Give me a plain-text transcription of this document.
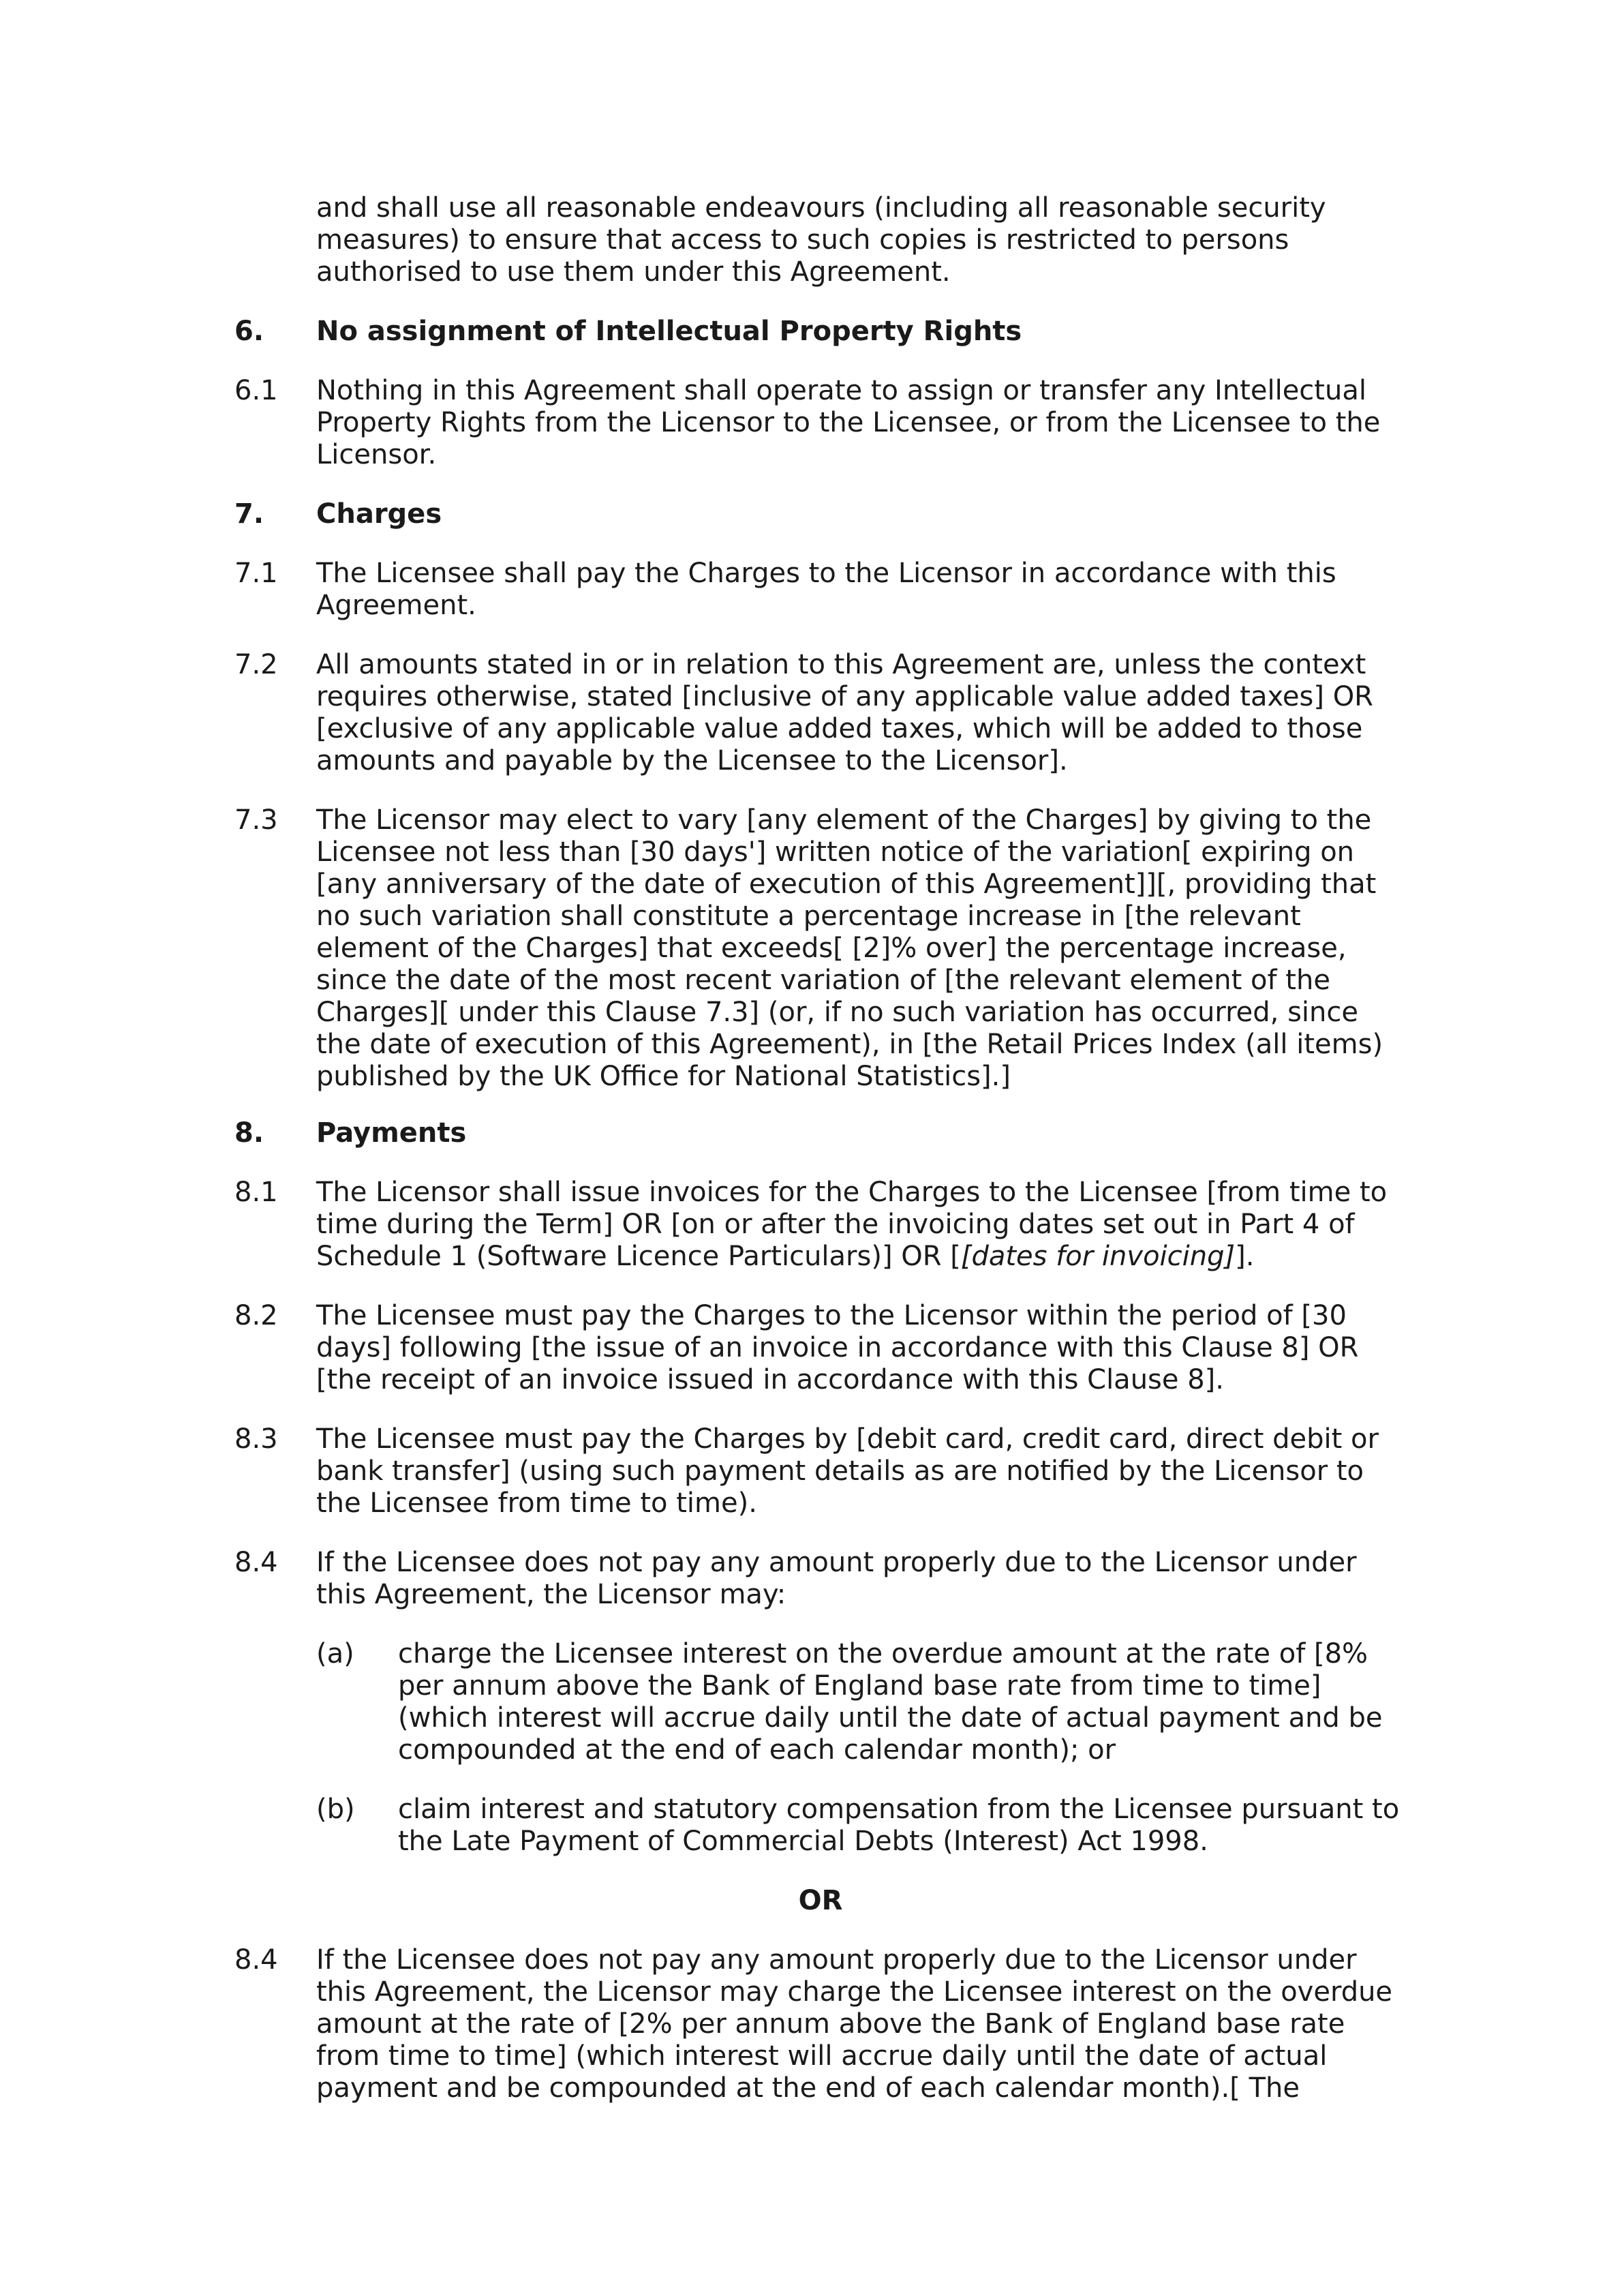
and shall use all reasonable endeavours (including all reasonable security measures) to ensure that access to such copies is restricted to persons authorised to use them under this Agreement.
6. No assignment of Intellectual Property Rights
6.1 Nothing in this Agreement shall operate to assign or transfer any Intellectual Property Rights from the Licensor to the Licensee, or from the Licensee to the Licensor.
7. Charges
7.1 The Licensee shall pay the Charges to the Licensor in accordance with this Agreement.
7.2 All amounts stated in or in relation to this Agreement are, unless the context requires otherwise, stated [inclusive of any applicable value added taxes] OR [exclusive of any applicable value added taxes, which will be added to those amounts and payable by the Licensee to the Licensor].
7.3 The Licensor may elect to vary [any element of the Charges] by giving to the Licensee not less than [30 days'] written notice of the variation[ expiring on [any anniversary of the date of execution of this Agreement]][, providing that no such variation shall constitute a percentage increase in [the relevant element of the Charges] that exceeds[ [2]% over] the percentage increase, since the date of the most recent variation of [the relevant element of the Charges][ under this Clause 7.3] (or, if no such variation has occurred, since the date of execution of this Agreement), in [the Retail Prices Index (all items) published by the UK Office for National Statistics].]
8. Payments
8.1 The Licensor shall issue invoices for the Charges to the Licensee [from time to time during the Term] OR [on or after the invoicing dates set out in Part 4 of Schedule 1 (Software Licence Particulars)] OR [[dates for invoicing]].
8.2 The Licensee must pay the Charges to the Licensor within the period of [30 days] following [the issue of an invoice in accordance with this Clause 8] OR [the receipt of an invoice issued in accordance with this Clause 8].
8.3 The Licensee must pay the Charges by [debit card, credit card, direct debit or bank transfer] (using such payment details as are notified by the Licensor to the Licensee from time to time).
8.4 If the Licensee does not pay any amount properly due to the Licensor under this Agreement, the Licensor may:
(a) charge the Licensee interest on the overdue amount at the rate of [8% per annum above the Bank of England base rate from time to time] (which interest will accrue daily until the date of actual payment and be compounded at the end of each calendar month); or
(b) claim interest and statutory compensation from the Licensee pursuant to the Late Payment of Commercial Debts (Interest) Act 1998.
OR
8.4 If the Licensee does not pay any amount properly due to the Licensor under this Agreement, the Licensor may charge the Licensee interest on the overdue amount at the rate of [2% per annum above the Bank of England base rate from time to time] (which interest will accrue daily until the date of actual payment and be compounded at the end of each calendar month).[ The
